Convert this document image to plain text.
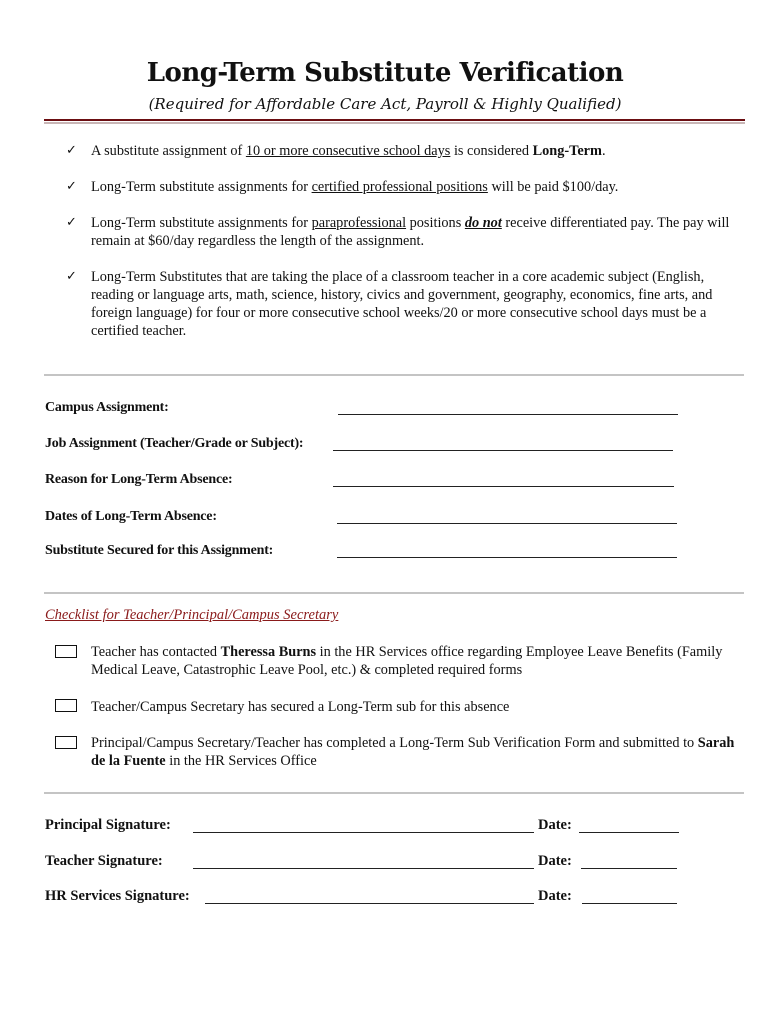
Long-Term Substitute Verification
(Required for Affordable Care Act, Payroll & Highly Qualified)
✓ A substitute assignment of 10 or more consecutive school days is considered Long-Term.
✓ Long-Term substitute assignments for certified professional positions will be paid $100/day.
✓ Long-Term substitute assignments for paraprofessional positions do not receive differentiated pay. The pay will remain at $60/day regardless the length of the assignment.
✓ Long-Term Substitutes that are taking the place of a classroom teacher in a core academic subject (English, reading or language arts, math, science, history, civics and government, geography, economics, fine arts, and foreign language) for four or more consecutive school weeks/20 or more consecutive school days must be a certified teacher.
Campus Assignment:
Job Assignment (Teacher/Grade or Subject):
Reason for Long-Term Absence:
Dates of Long-Term Absence:
Substitute Secured for this Assignment:
Checklist for Teacher/Principal/Campus Secretary
Teacher has contacted Theressa Burns in the HR Services office regarding Employee Leave Benefits (Family Medical Leave, Catastrophic Leave Pool, etc.) & completed required forms
Teacher/Campus Secretary has secured a Long-Term sub for this absence
Principal/Campus Secretary/Teacher has completed a Long-Term Sub Verification Form and submitted to Sarah de la Fuente in the HR Services Office
Principal Signature:	Date:
Teacher Signature:	Date:
HR Services Signature:	Date:
